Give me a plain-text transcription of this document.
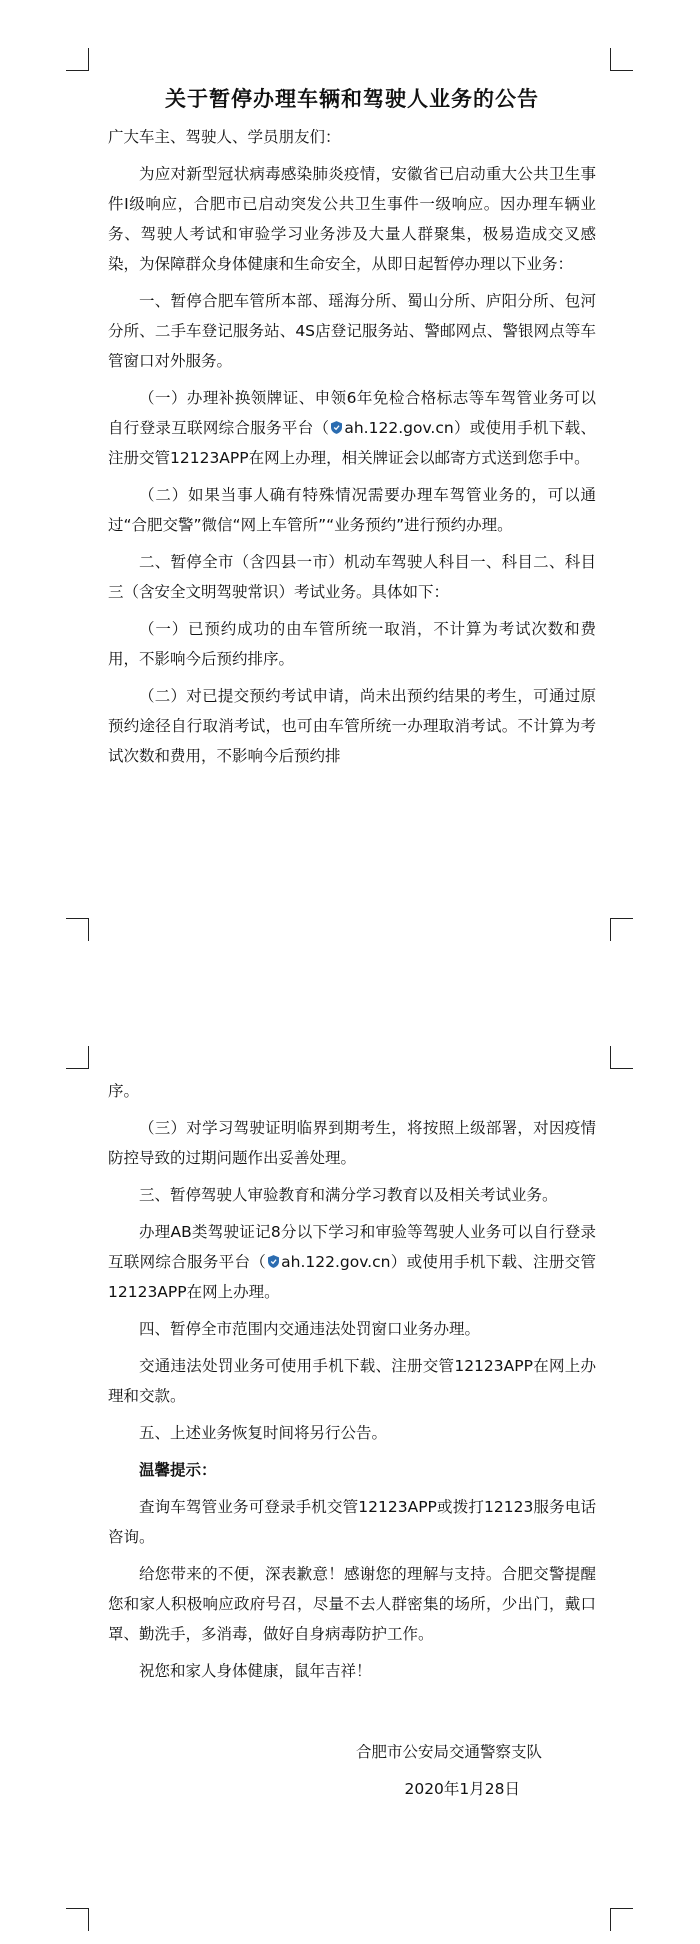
关于暂停办理车辆和驾驶人业务的公告

广大车主、驾驶人、学员朋友们：

为应对新型冠状病毒感染肺炎疫情，安徽省已启动重大公共卫生事件Ⅰ级响应，合肥市已启动突发公共卫生事件一级响应。因办理车辆业务、驾驶人考试和审验学习业务涉及大量人群聚集，极易造成交叉感染，为保障群众身体健康和生命安全，从即日起暂停办理以下业务：

一、暂停合肥车管所本部、瑶海分所、蜀山分所、庐阳分所、包河分所、二手车登记服务站、4S店登记服务站、警邮网点、警银网点等车管窗口对外服务。

（一）办理补换领牌证、申领6年免检合格标志等车驾管业务可以自行登录互联网综合服务平台（ ah.122.gov.cn）或使用手机下载、注册交管12123APP在网上办理，相关牌证会以邮寄方式送到您手中。

（二）如果当事人确有特殊情况需要办理车驾管业务的，可以通过“合肥交警”微信“网上车管所”“业务预约”进行预约办理。

二、暂停全市（含四县一市）机动车驾驶人科目一、科目二、科目三（含安全文明驾驶常识）考试业务。具体如下：

（一）已预约成功的由车管所统一取消，不计算为考试次数和费用，不影响今后预约排序。

（二）对已提交预约考试申请，尚未出预约结果的考生，可通过原预约途径自行取消考试，也可由车管所统一办理取消考试。不计算为考试次数和费用，不影响今后预约排

序。

（三）对学习驾驶证明临界到期考生，将按照上级部署，对因疫情防控导致的过期问题作出妥善处理。

三、暂停驾驶人审验教育和满分学习教育以及相关考试业务。

办理AB类驾驶证记8分以下学习和审验等驾驶人业务可以自行登录互联网综合服务平台（ ah.122.gov.cn）或使用手机下载、注册交管12123APP在网上办理。

四、暂停全市范围内交通违法处罚窗口业务办理。

交通违法处罚业务可使用手机下载、注册交管12123APP在网上办理和交款。

五、上述业务恢复时间将另行公告。

温馨提示：

查询车驾管业务可登录手机交管12123APP或拨打12123服务电话咨询。

给您带来的不便，深表歉意！感谢您的理解与支持。合肥交警提醒您和家人积极响应政府号召，尽量不去人群密集的场所，少出门，戴口罩、勤洗手，多消毒，做好自身病毒防护工作。

祝您和家人身体健康，鼠年吉祥！

合肥市公安局交通警察支队

2020年1月28日
